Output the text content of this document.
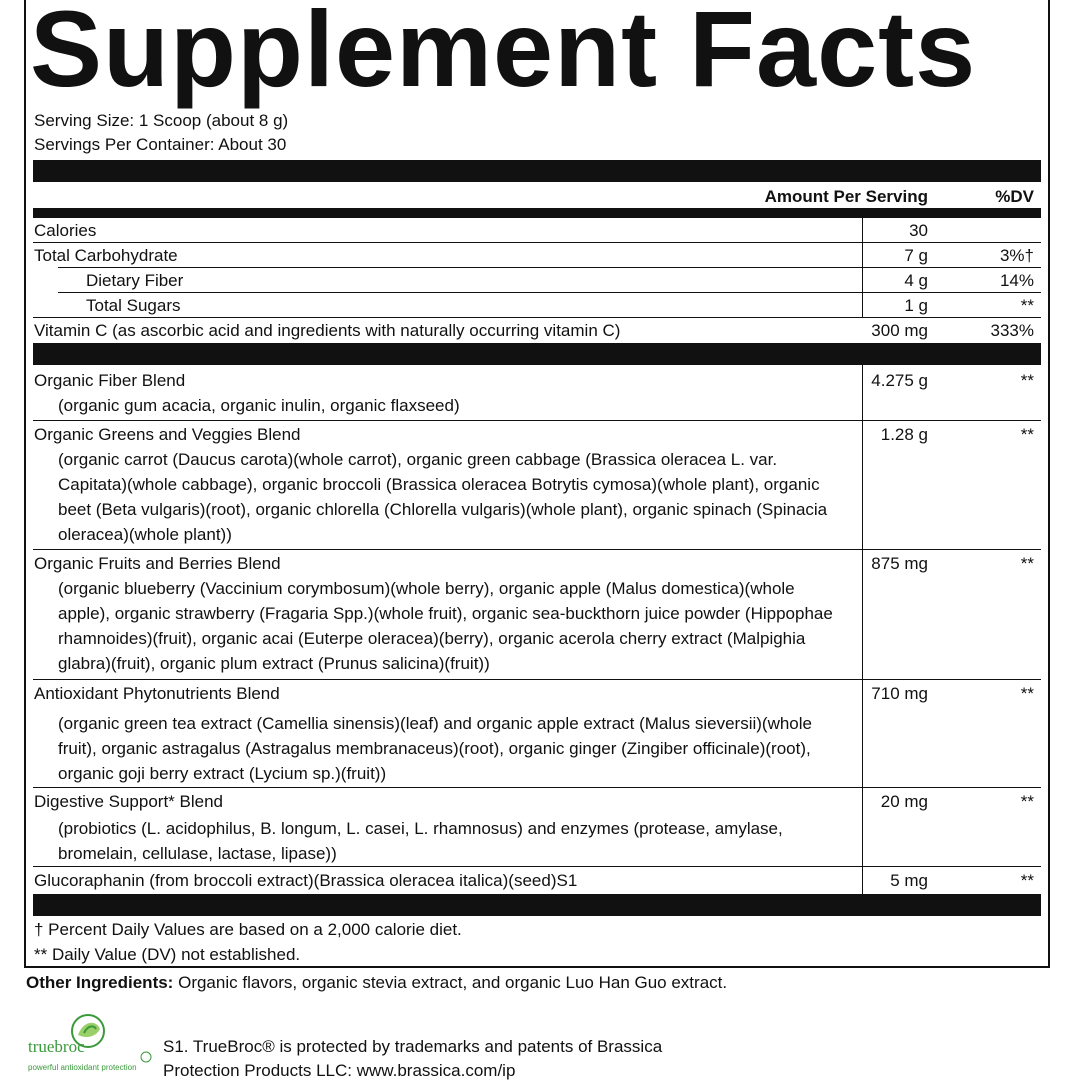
Supplement Facts
Serving Size: 1 Scoop (about 8 g)
Servings Per Container: About 30
Amount Per Serving	%DV
Calories	30
Total Carbohydrate	7 g	3%†
Dietary Fiber	4 g	14%
Total Sugars	1 g	**
Vitamin C (as ascorbic acid and ingredients with naturally occurring vitamin C)	300 mg	333%
Organic Fiber Blend	4.275 g	**
(organic gum acacia, organic inulin, organic flaxseed)
Organic Greens and Veggies Blend	1.28 g	**
(organic carrot (Daucus carota)(whole carrot), organic green cabbage (Brassica oleracea L. var. Capitata)(whole cabbage), organic broccoli (Brassica oleracea Botrytis cymosa)(whole plant), organic beet (Beta vulgaris)(root), organic chlorella (Chlorella vulgaris)(whole plant), organic spinach (Spinacia oleracea)(whole plant))
Organic Fruits and Berries Blend	875 mg	**
(organic blueberry (Vaccinium corymbosum)(whole berry), organic apple (Malus domestica)(whole apple), organic strawberry (Fragaria Spp.)(whole fruit), organic sea-buckthorn juice powder (Hippophae rhamnoides)(fruit), organic acai (Euterpe oleracea)(berry), organic acerola cherry extract (Malpighia glabra)(fruit), organic plum extract (Prunus salicina)(fruit))
Antioxidant Phytonutrients Blend	710 mg	**
(organic green tea extract (Camellia sinensis)(leaf) and organic apple extract (Malus sieversii)(whole fruit), organic astragalus (Astragalus membranaceus)(root), organic ginger (Zingiber officinale)(root), organic goji berry extract (Lycium sp.)(fruit))
Digestive Support* Blend	20 mg	**
(probiotics (L. acidophilus, B. longum, L. casei, L. rhamnosus) and enzymes (protease, amylase, bromelain, cellulase, lactase, lipase))
Glucoraphanin (from broccoli extract)(Brassica oleracea italica)(seed)S1	5 mg	**
† Percent Daily Values are based on a 2,000 calorie diet.
** Daily Value (DV) not established.
Other Ingredients: Organic flavors, organic stevia extract, and organic Luo Han Guo extract.
truebroc
powerful antioxidant protection
S1. TrueBroc® is protected by trademarks and patents of Brassica
Protection Products LLC: www.brassica.com/ip
